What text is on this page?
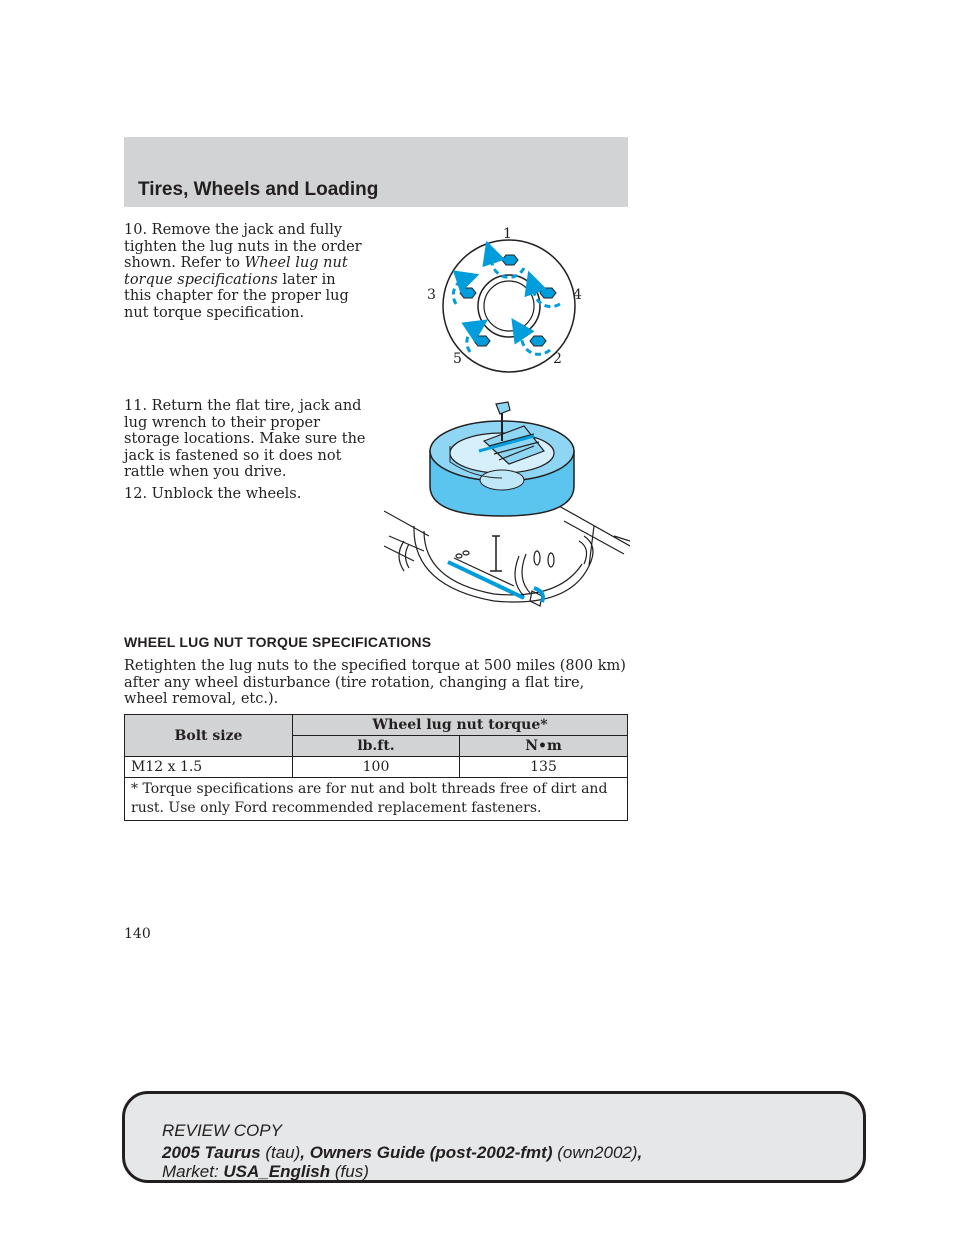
Tires, Wheels and Loading

10. Remove the jack and fully tighten the lug nuts in the order shown. Refer to Wheel lug nut torque specifications later in this chapter for the proper lug nut torque specification.

1
2
3	4
5

11. Return the flat tire, jack and lug wrench to their proper storage locations. Make sure the jack is fastened so it does not rattle when you drive.

12. Unblock the wheels.

WHEEL LUG NUT TORQUE SPECIFICATIONS

Retighten the lug nuts to the specified torque at 500 miles (800 km) after any wheel disturbance (tire rotation, changing a flat tire, wheel removal, etc.).

Bolt size	Wheel lug nut torque*	
	lb.ft.	N•m
M12 x 1.5	100	135
* Torque specifications are for nut and bolt threads free of dirt and rust. Use only Ford recommended replacement fasteners.		
140
REVIEW COPY
2005 Taurus (tau), Owners Guide (post-2002-fmt) (own2002),
Market: USA_English (fus)
